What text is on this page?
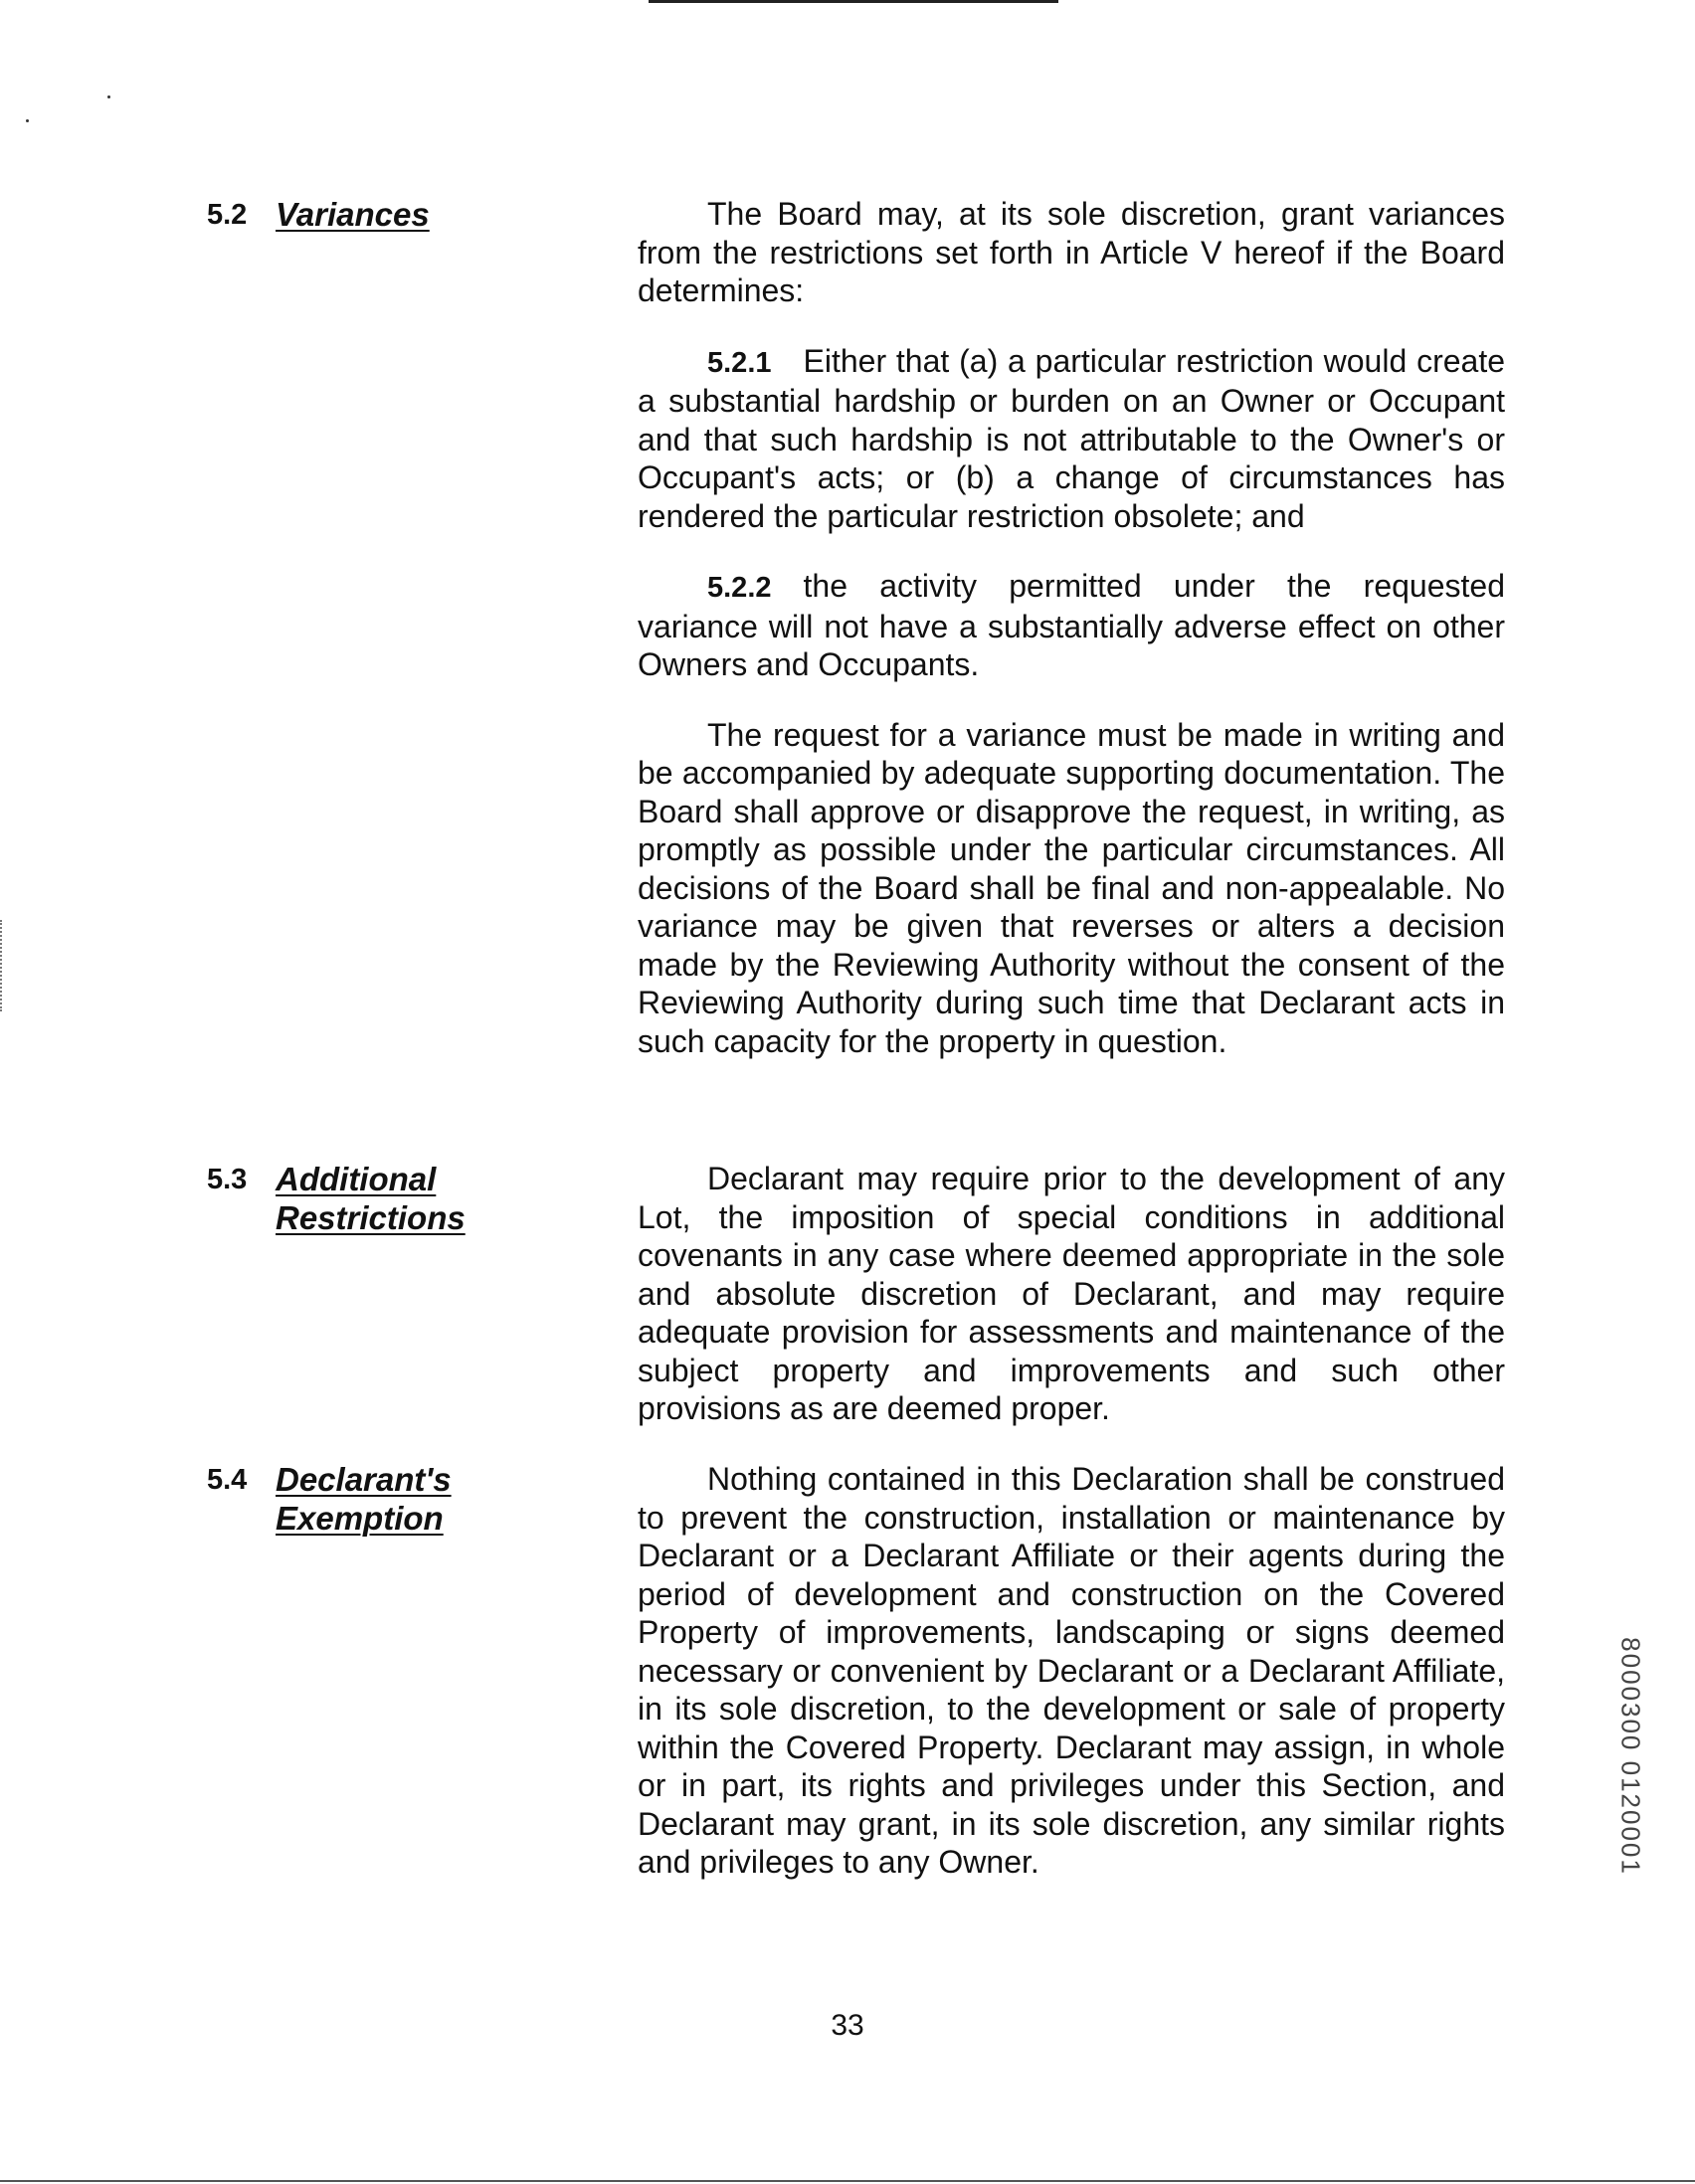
5.2 Variances	The Board may, at its sole discretion, grant variances from the restrictions set forth in Article V hereof if the Board determines:

5.2.1 Either that (a) a particular restriction would create a substantial hardship or burden on an Owner or Occupant and that such hardship is not attributable to the Owner's or Occupant's acts; or (b) a change of circumstances has rendered the particular restriction obsolete; and

5.2.2 the activity permitted under the requested variance will not have a substantially adverse effect on other Owners and Occupants.

The request for a variance must be made in writing and be accompanied by adequate supporting documentation. The Board shall approve or disapprove the request, in writing, as promptly as possible under the particular circumstances. All decisions of the Board shall be final and non-appealable. No variance may be given that reverses or alters a decision made by the Reviewing Authority without the consent of the Reviewing Authority during such time that Declarant acts in such capacity for the property in question.

5.3 Additional
Restrictions

Declarant may require prior to the development of any Lot, the imposition of special conditions in additional covenants in any case where deemed appropriate in the sole and absolute discretion of Declarant, and may require adequate provision for assessments and maintenance of the subject property and improvements and such other provisions as are deemed proper.

5.4 Declarant's
Exemption

Nothing contained in this Declaration shall be construed to prevent the construction, installation or maintenance by Declarant or a Declarant Affiliate or their agents during the period of development and construction on the Covered Property of improvements, landscaping or signs deemed necessary or convenient by Declarant or a Declarant Affiliate, in its sole discretion, to the development or sale of property within the Covered Property. Declarant may assign, in whole or in part, its rights and privileges under this Section, and Declarant may grant, in its sole discretion, any similar rights and privileges to any Owner.

33
8000300 0120001
